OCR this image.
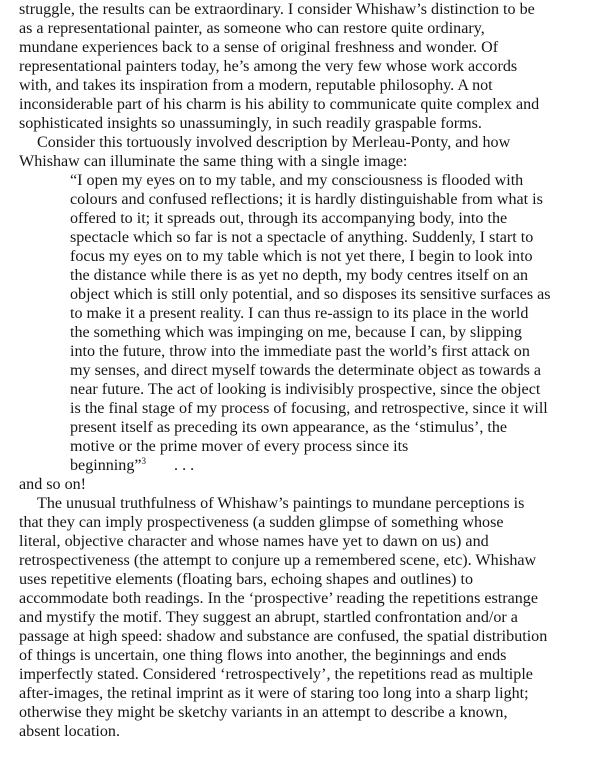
struggle, the results can be extraordinary. I consider Whishaw’s distinction to be
as a representational painter, as someone who can restore quite ordinary,
mundane experiences back to a sense of original freshness and wonder. Of
representational painters today, he’s among the very few whose work accords
with, and takes its inspiration from a modern, reputable philosophy. A not
inconsiderable part of his charm is his ability to communicate quite complex and
sophisticated insights so unassumingly, in such readily graspable forms.
Consider this tortuously involved description by Merleau-Ponty, and how
Whishaw can illuminate the same thing with a single image:
“I open my eyes on to my table, and my consciousness is flooded with
colours and confused reflections; it is hardly distinguishable from what is
offered to it; it spreads out, through its accompanying body, into the
spectacle which so far is not a spectacle of anything. Suddenly, I start to
focus my eyes on to my table which is not yet there, I begin to look into
the distance while there is as yet no depth, my body centres itself on an
object which is still only potential, and so disposes its sensitive surfaces as
to make it a present reality. I can thus re-assign to its place in the world
the something which was impinging on me, because I can, by slipping
into the future, throw into the immediate past the world’s first attack on
my senses, and direct myself towards the determinate object as towards a
near future. The act of looking is indivisibly prospective, since the object
is the final stage of my process of focusing, and retrospective, since it will
present itself as preceding its own appearance, as the ‘stimulus’, the
motive or the prime mover of every process since its
beginning”$^3$ . . .
and so on!
The unusual truthfulness of Whishaw’s paintings to mundane perceptions is
that they can imply prospectiveness (a sudden glimpse of something whose
literal, objective character and whose names have yet to dawn on us) and
retrospectiveness (the attempt to conjure up a remembered scene, etc). Whishaw
uses repetitive elements (floating bars, echoing shapes and outlines) to
accommodate both readings. In the ‘prospective’ reading the repetitions estrange
and mystify the motif. They suggest an abrupt, startled confrontation and/or a
passage at high speed: shadow and substance are confused, the spatial distribution
of things is uncertain, one thing flows into another, the beginnings and ends
imperfectly stated. Considered ‘retrospectively’, the repetitions read as multiple
after-images, the retinal imprint as it were of staring too long into a sharp light;
otherwise they might be sketchy variants in an attempt to describe a known,
absent location.
